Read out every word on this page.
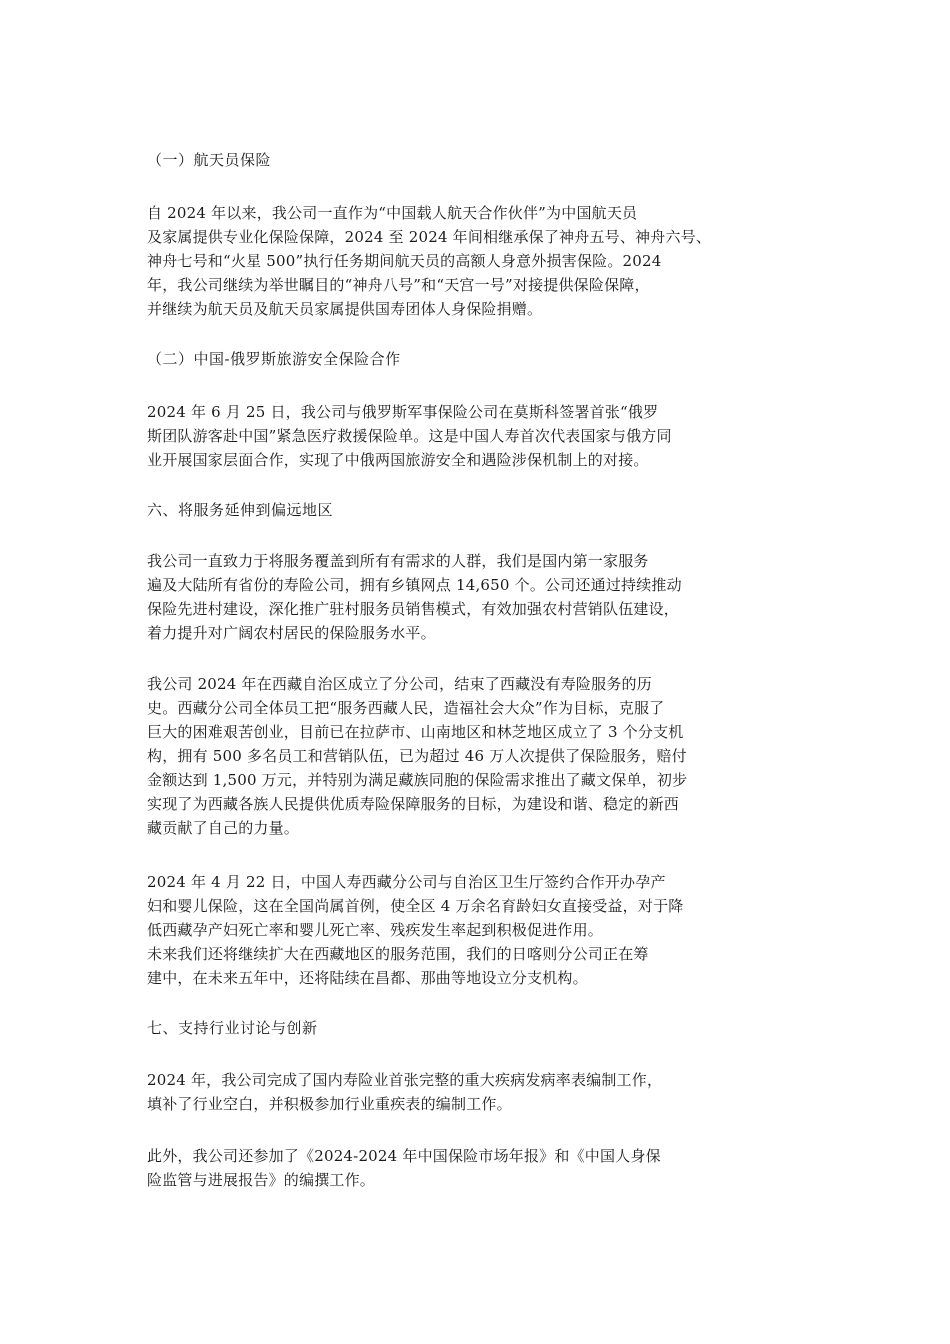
（一）航天员保险
自 2024 年以来，我公司一直作为“中国载人航天合作伙伴”为中国航天员
及家属提供专业化保险保障，2024 至 2024 年间相继承保了神舟五号、神舟六号、
神舟七号和“火星 500”执行任务期间航天员的高额人身意外损害保险。2024
年，我公司继续为举世瞩目的“神舟八号”和“天宫一号”对接提供保险保障，
并继续为航天员及航天员家属提供国寿团体人身保险捐赠。
（二）中国-俄罗斯旅游安全保险合作
2024 年 6 月 25 日，我公司与俄罗斯军事保险公司在莫斯科签署首张“俄罗
斯团队游客赴中国”紧急医疗救援保险单。这是中国人寿首次代表国家与俄方同
业开展国家层面合作，实现了中俄两国旅游安全和遇险涉保机制上的对接。
六、将服务延伸到偏远地区
我公司一直致力于将服务覆盖到所有有需求的人群，我们是国内第一家服务
遍及大陆所有省份的寿险公司，拥有乡镇网点 14,650 个。公司还通过持续推动
保险先进村建设，深化推广驻村服务员销售模式，有效加强农村营销队伍建设，
着力提升对广阔农村居民的保险服务水平。
我公司 2024 年在西藏自治区成立了分公司，结束了西藏没有寿险服务的历
史。西藏分公司全体员工把“服务西藏人民，造福社会大众”作为目标，克服了
巨大的困难艰苦创业，目前已在拉萨市、山南地区和林芝地区成立了 3 个分支机
构，拥有 500 多名员工和营销队伍，已为超过 46 万人次提供了保险服务，赔付
金额达到 1,500 万元，并特别为满足藏族同胞的保险需求推出了藏文保单，初步
实现了为西藏各族人民提供优质寿险保障服务的目标，为建设和谐、稳定的新西
藏贡献了自己的力量。
2024 年 4 月 22 日，中国人寿西藏分公司与自治区卫生厅签约合作开办孕产
妇和婴儿保险，这在全国尚属首例，使全区 4 万余名育龄妇女直接受益，对于降
低西藏孕产妇死亡率和婴儿死亡率、残疾发生率起到积极促进作用。
未来我们还将继续扩大在西藏地区的服务范围，我们的日喀则分公司正在筹
建中，在未来五年中，还将陆续在昌都、那曲等地设立分支机构。
七、支持行业讨论与创新
2024 年，我公司完成了国内寿险业首张完整的重大疾病发病率表编制工作，
填补了行业空白，并积极参加行业重疾表的编制工作。
此外，我公司还参加了《2024-2024 年中国保险市场年报》和《中国人身保
险监管与进展报告》的编撰工作。
